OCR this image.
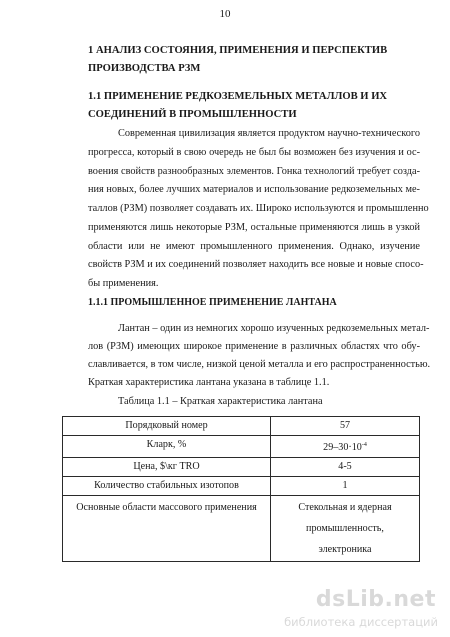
10
1 АНАЛИЗ СОСТОЯНИЯ, ПРИМЕНЕНИЯ И ПЕРСПЕКТИВ ПРОИЗВОДСТВА РЗМ
1.1 ПРИМЕНЕНИЕ РЕДКОЗЕМЕЛЬНЫХ МЕТАЛЛОВ И ИХ СОЕДИНЕНИЙ В ПРОМЫШЛЕННОСТИ
Современная цивилизация является продуктом научно-технического
прогресса, который в свою очередь не был бы возможен без изучения и ос-
воения свойств разнообразных элементов. Гонка технологий требует созда-
ния новых, более лучших материалов и использование редкоземельных ме-
таллов (РЗМ) позволяет создавать их. Широко используются и промышленно
применяются лишь некоторые РЗМ, остальные применяются лишь в узкой
области или не имеют промышленного применения. Однако, изучение
свойств РЗМ и их соединений позволяет находить все новые и новые спосо-
бы применения.
1.1.1 ПРОМЫШЛЕННОЕ ПРИМЕНЕНИЕ ЛАНТАНА
Лантан – один из немногих хорошо изученных редкоземельных метал-
лов (РЗМ) имеющих широкое применение в различных областях что обу-
славливается, в том числе, низкой ценой металла и его распространенностью.
Краткая характеристика лантана указана в таблице 1.1.
Таблица 1.1 – Краткая характеристика лантана
Порядковый номер	57
Кларк, %	$29-30\cdot 10^{-4}$
Цена, $\кг TRO	4-5
Количество стабильных изотопов	1
Основные области массового применения	Стекольная и ядерная
промышленность,
электроника
dsLib.net
библиотека диссертаций
